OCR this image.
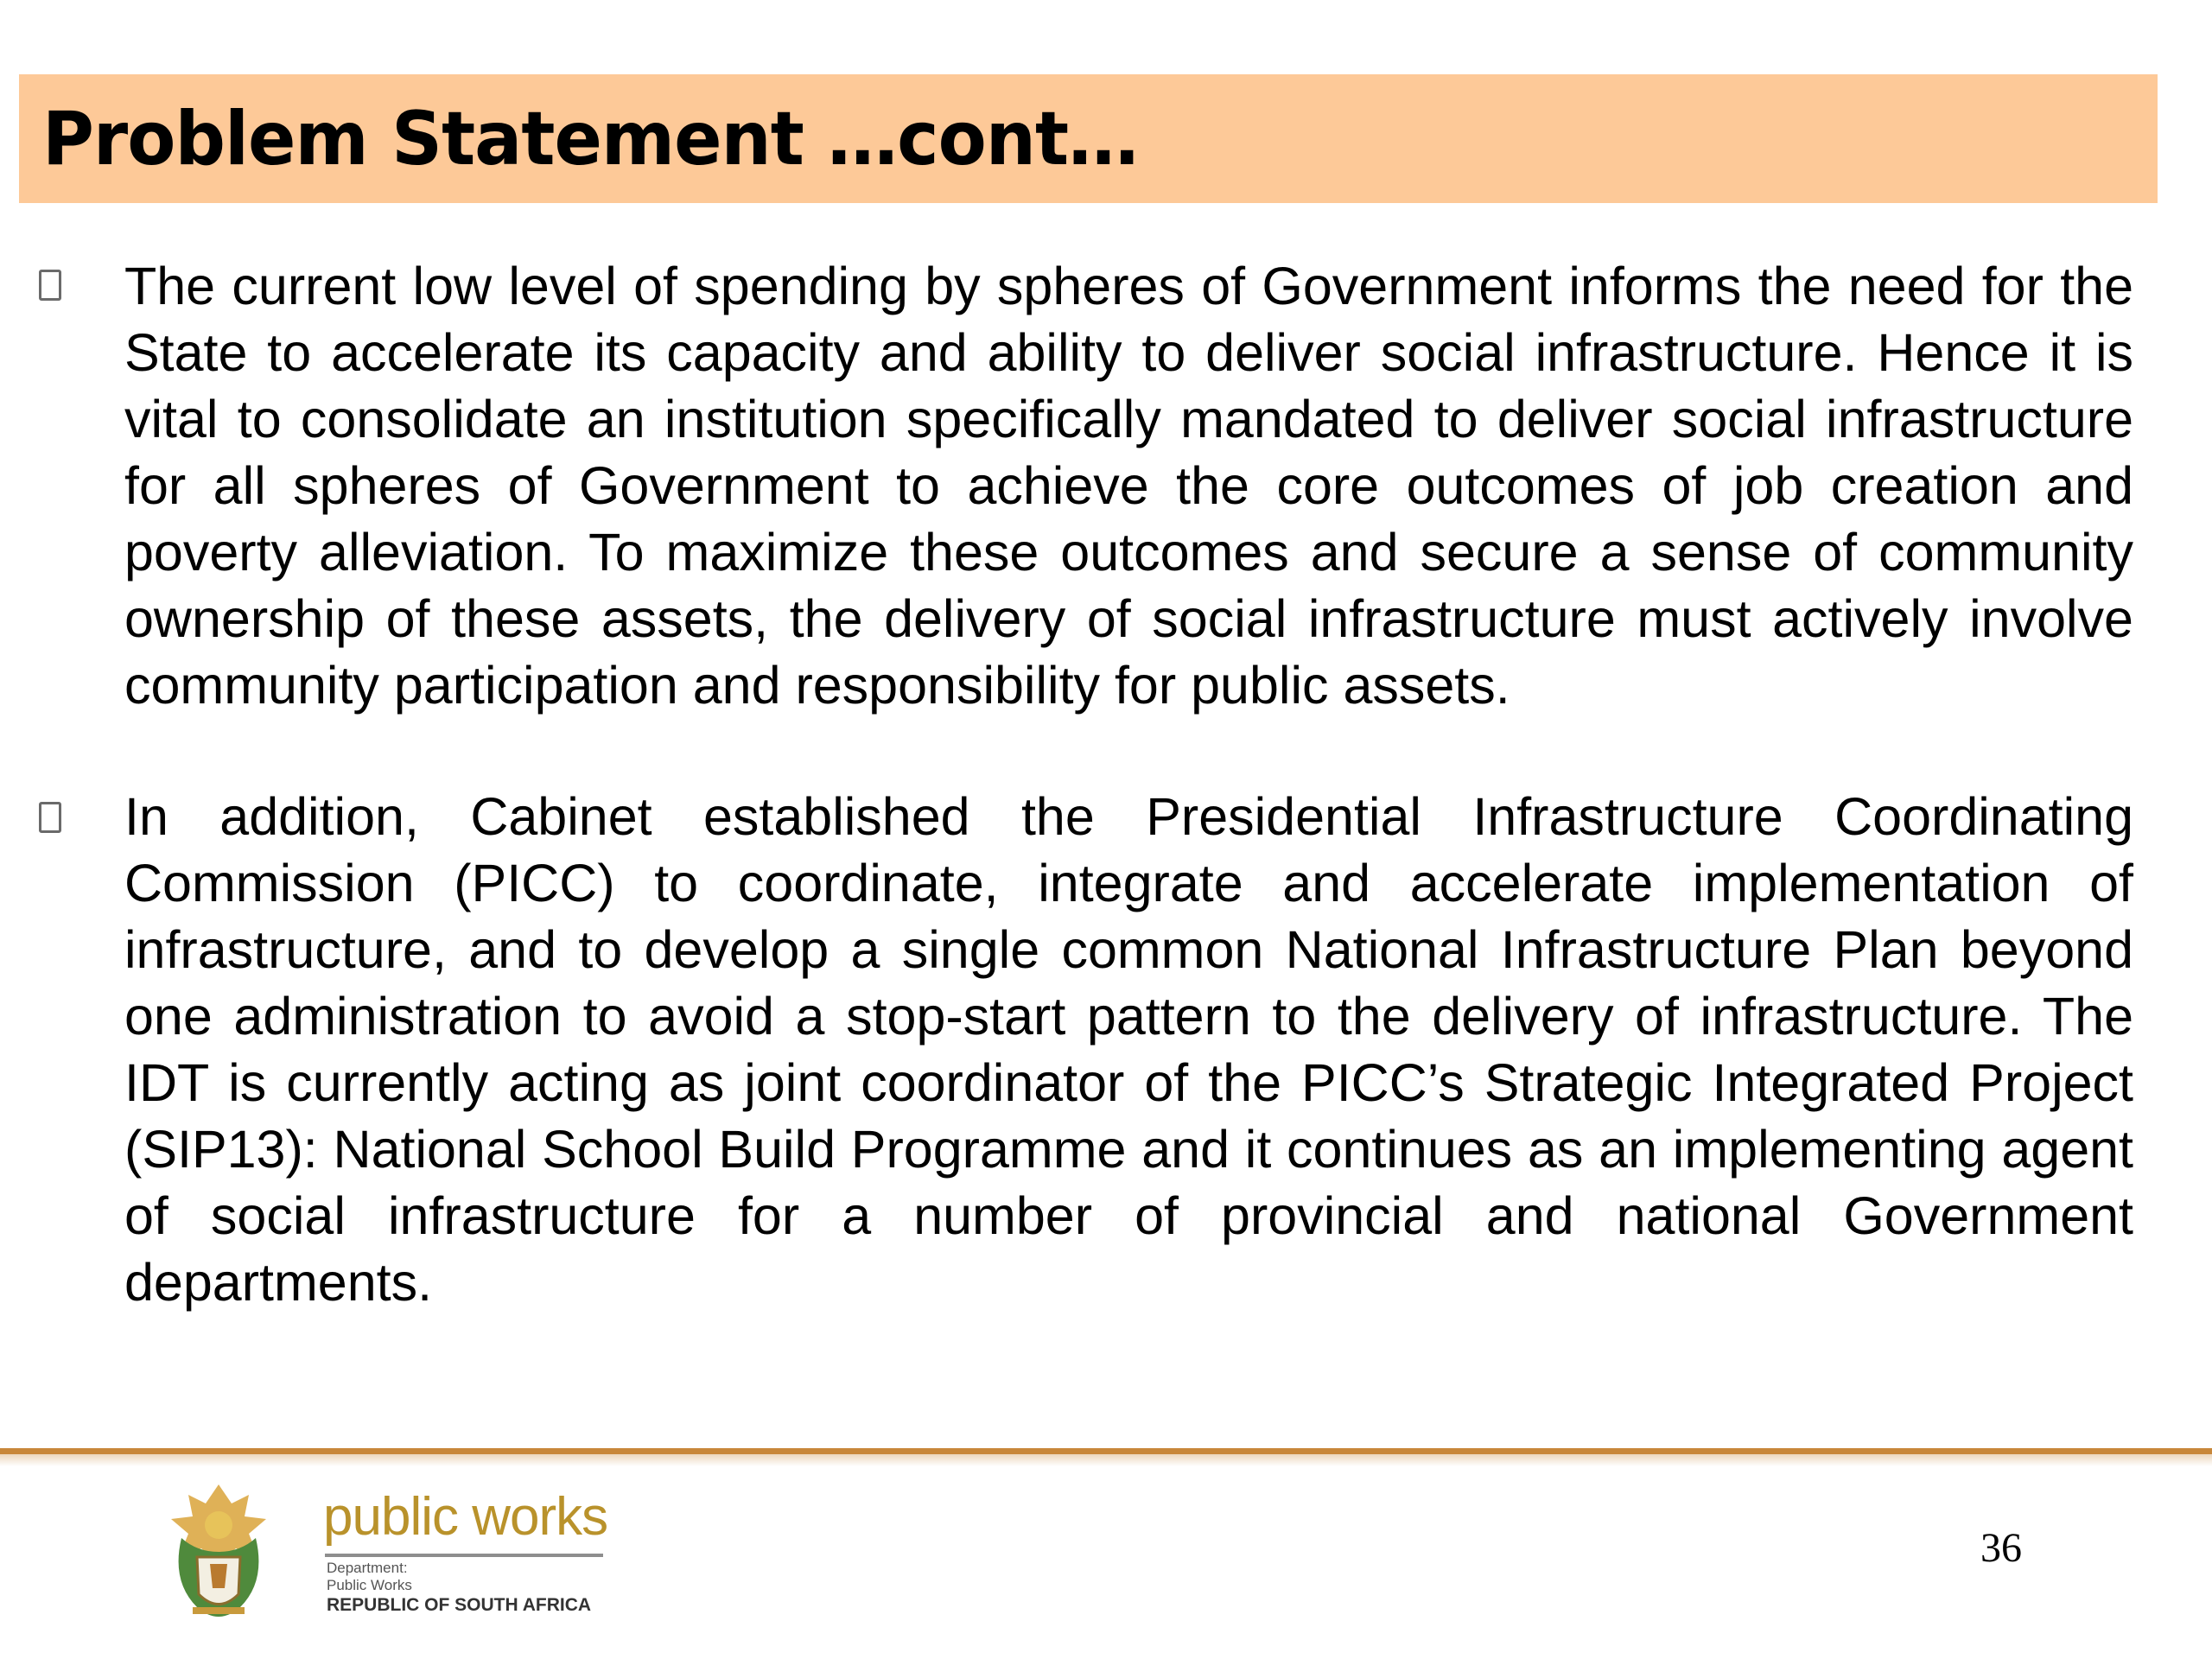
Problem Statement …cont…

The current low level of spending by spheres of Government informs the need for the State to accelerate its capacity and ability to deliver social infrastructure. Hence it is vital to consolidate an institution specifically mandated to deliver social infrastructure for all spheres of Government to achieve the core outcomes of job creation and poverty alleviation. To maximize these outcomes and secure a sense of community ownership of these assets, the delivery of social infrastructure must actively involve community participation and responsibility for public assets.

In addition, Cabinet established the Presidential Infrastructure Coordinating Commission (PICC) to coordinate, integrate and accelerate implementation of infrastructure, and to develop a single common National Infrastructure Plan beyond one administration to avoid a stop-start pattern to the delivery of infrastructure. The IDT is currently acting as joint coordinator of the PICC’s Strategic Integrated Project (SIP13): National School Build Programme and it continues as an implementing agent of social infrastructure for a number of provincial and national Government departments.

public works
Department:
Public Works
REPUBLIC OF SOUTH AFRICA
36
